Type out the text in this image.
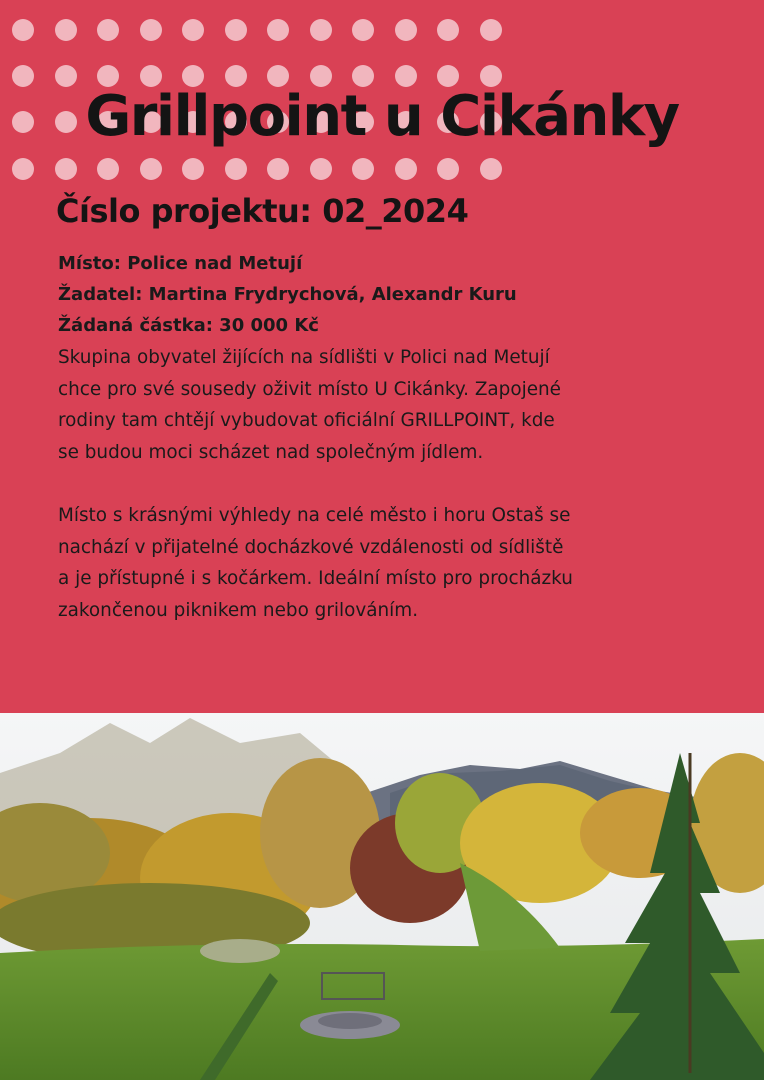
Grillpoint u Cikánky
Číslo projektu: 02_2024
Místo: Police nad Metují
Žadatel: Martina Frydrychová, Alexandr Kuru
Žádaná částka: 30 000 Kč
Skupina obyvatel žijících na sídlišti v Polici nad Metují
chce pro své sousedy oživit místo U Cikánky. Zapojené
rodiny tam chtějí vybudovat oficiální GRILLPOINT, kde
se budou moci scházet nad společným jídlem.
Místo s krásnými výhledy na celé město i horu Ostaš se
nachází v přijatelné docházkové vzdálenosti od sídliště
a je přístupné i s kočárkem. Ideální místo pro procházku
zakončenou piknikem nebo grilováním.
